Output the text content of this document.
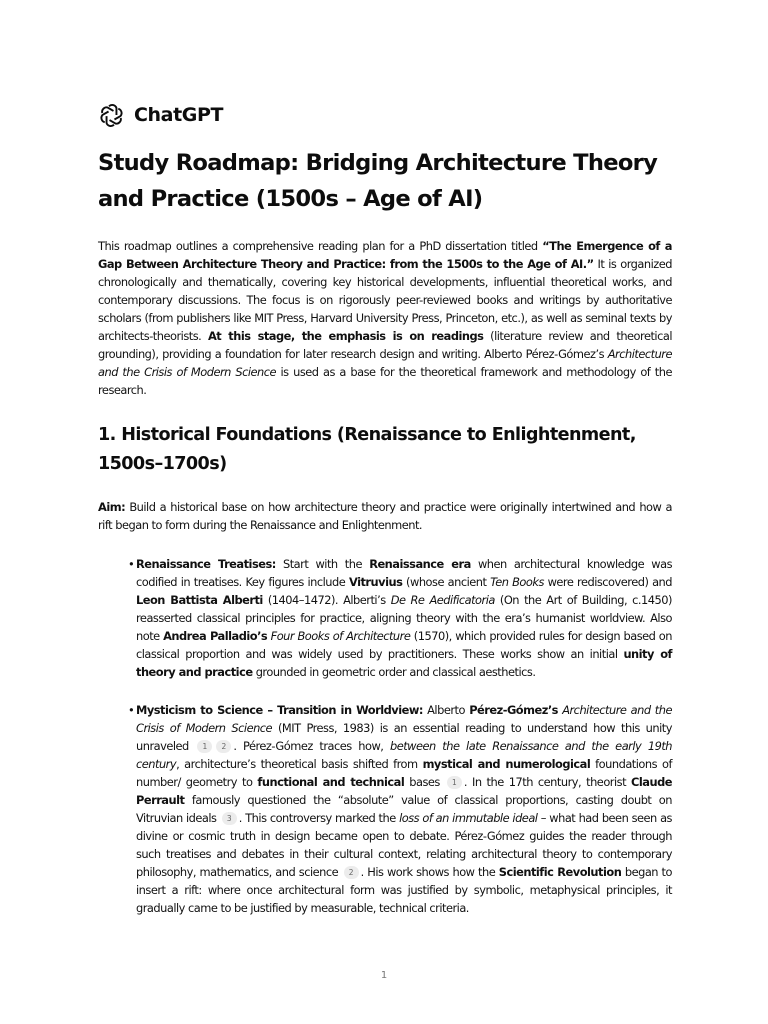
ChatGPT
Study Roadmap: Bridging Architecture Theory and Practice (1500s – Age of AI)

This roadmap outlines a comprehensive reading plan for a PhD dissertation titled “The Emergence of a Gap Between Architecture Theory and Practice: from the 1500s to the Age of AI.” It is organized chronologically and thematically, covering key historical developments, influential theoretical works, and contemporary discussions. The focus is on rigorously peer-reviewed books and writings by authoritative scholars (from publishers like MIT Press, Harvard University Press, Princeton, etc.), as well as seminal texts by architects-theorists. At this stage, the emphasis is on readings (literature review and theoretical grounding), providing a foundation for later research design and writing. Alberto Pérez-Gómez’s Architecture and the Crisis of Modern Science is used as a base for the theoretical framework and methodology of the research.

1. Historical Foundations (Renaissance to Enlightenment, 1500s–1700s)

Aim: Build a historical base on how architecture theory and practice were originally intertwined and how a rift began to form during the Renaissance and Enlightenment.

• Renaissance Treatises: Start with the Renaissance era when architectural knowledge was codified in treatises. Key figures include Vitruvius (whose ancient Ten Books were rediscovered) and Leon Battista Alberti (1404–1472). Alberti’s De Re Aedificatoria (On the Art of Building, c.1450) reasserted classical principles for practice, aligning theory with the era’s humanist worldview. Also note Andrea Palladio’s Four Books of Architecture (1570), which provided rules for design based on classical proportion and was widely used by practitioners. These works show an initial unity of theory and practice grounded in geometric order and classical aesthetics.
• Mysticism to Science – Transition in Worldview: Alberto Pérez-Gómez’s Architecture and the Crisis of Modern Science (MIT Press, 1983) is an essential reading to understand how this unity unraveled 1 2 . Pérez-Gómez traces how, between the late Renaissance and the early 19th century, architecture’s theoretical basis shifted from mystical and numerological foundations of number/ geometry to functional and technical bases 1 . In the 17th century, theorist Claude Perrault famously questioned the “absolute” value of classical proportions, casting doubt on Vitruvian ideals 3 . This controversy marked the loss of an immutable ideal – what had been seen as divine or cosmic truth in design became open to debate. Pérez-Gómez guides the reader through such treatises and debates in their cultural context, relating architectural theory to contemporary philosophy, mathematics, and science 2 . His work shows how the Scientific Revolution began to insert a rift: where once architectural form was justified by symbolic, metaphysical principles, it gradually came to be justified by measurable, technical criteria.
1
